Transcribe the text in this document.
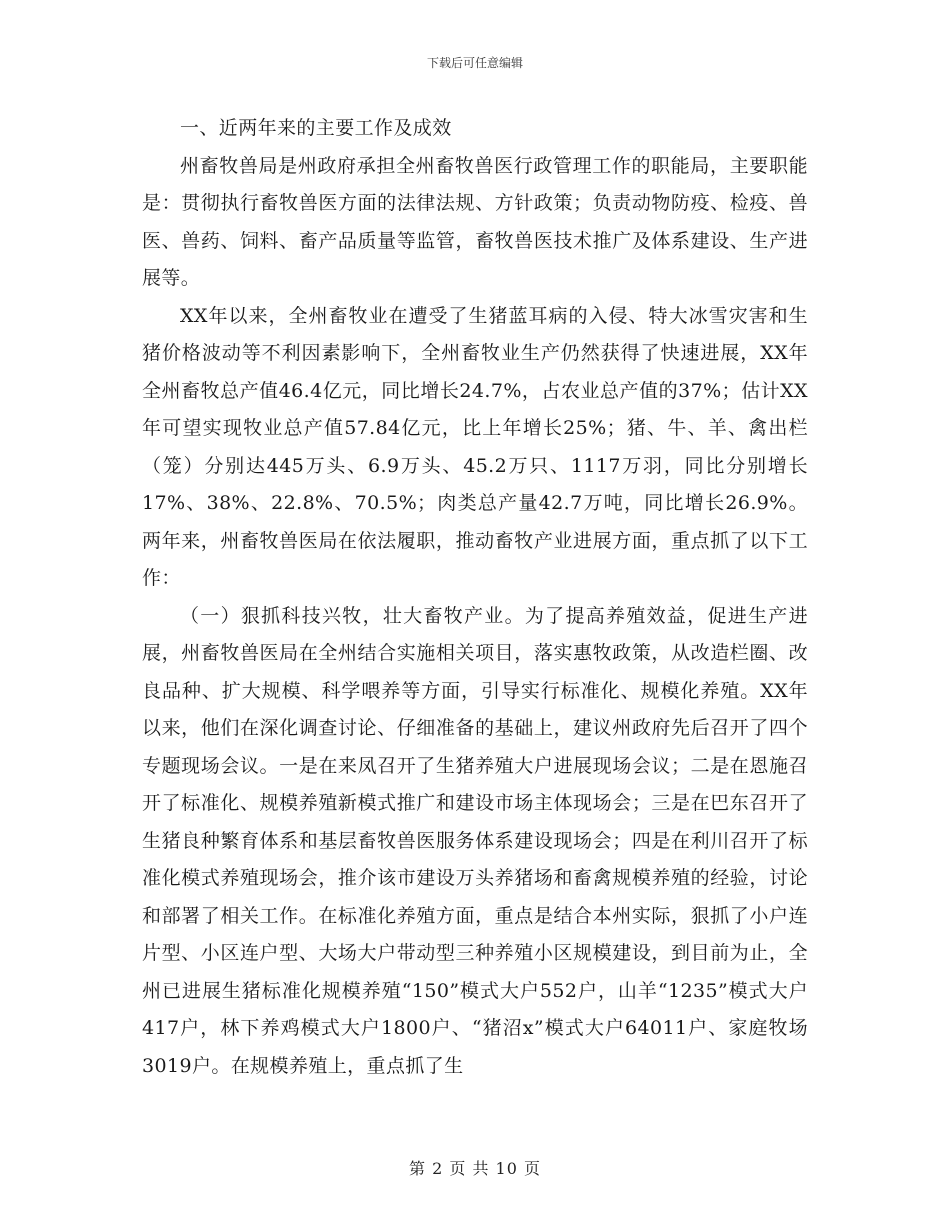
下载后可任意编辑

一、近两年来的主要工作及成效

州畜牧兽局是州政府承担全州畜牧兽医行政管理工作的职能局，主要职能是：贯彻执行畜牧兽医方面的法律法规、方针政策；负责动物防疫、检疫、兽医、兽药、饲料、畜产品质量等监管，畜牧兽医技术推广及体系建设、生产进展等。

XX年以来，全州畜牧业在遭受了生猪蓝耳病的入侵、特大冰雪灾害和生猪价格波动等不利因素影响下，全州畜牧业生产仍然获得了快速进展，XX年全州畜牧总产值46.4亿元，同比增长24.7%，占农业总产值的37%；估计XX年可望实现牧业总产值57.84亿元，比上年增长25%；猪、牛、羊、禽出栏（笼）分别达445万头、6.9万头、45.2万只、1117万羽，同比分别增长17%、38%、22.8%、70.5%；肉类总产量42.7万吨，同比增长26.9%。两年来，州畜牧兽医局在依法履职，推动畜牧产业进展方面，重点抓了以下工作：

（一）狠抓科技兴牧，壮大畜牧产业。为了提高养殖效益，促进生产进展，州畜牧兽医局在全州结合实施相关项目，落实惠牧政策，从改造栏圈、改良品种、扩大规模、科学喂养等方面，引导实行标准化、规模化养殖。XX年以来，他们在深化调查讨论、仔细准备的基础上，建议州政府先后召开了四个专题现场会议。一是在来凤召开了生猪养殖大户进展现场会议；二是在恩施召开了标准化、规模养殖新模式推广和建设市场主体现场会；三是在巴东召开了生猪良种繁育体系和基层畜牧兽医服务体系建设现场会；四是在利川召开了标准化模式养殖现场会，推介该市建设万头养猪场和畜禽规模养殖的经验，讨论和部署了相关工作。在标准化养殖方面，重点是结合本州实际，狠抓了小户连片型、小区连户型、大场大户带动型三种养殖小区规模建设，到目前为止，全州已进展生猪标准化规模养殖“150”模式大户552户，山羊“1235”模式大户417户，林下养鸡模式大户1800户、“猪沼x”模式大户64011户、家庭牧场3019户。在规模养殖上，重点抓了生

第 2 页 共 10 页
